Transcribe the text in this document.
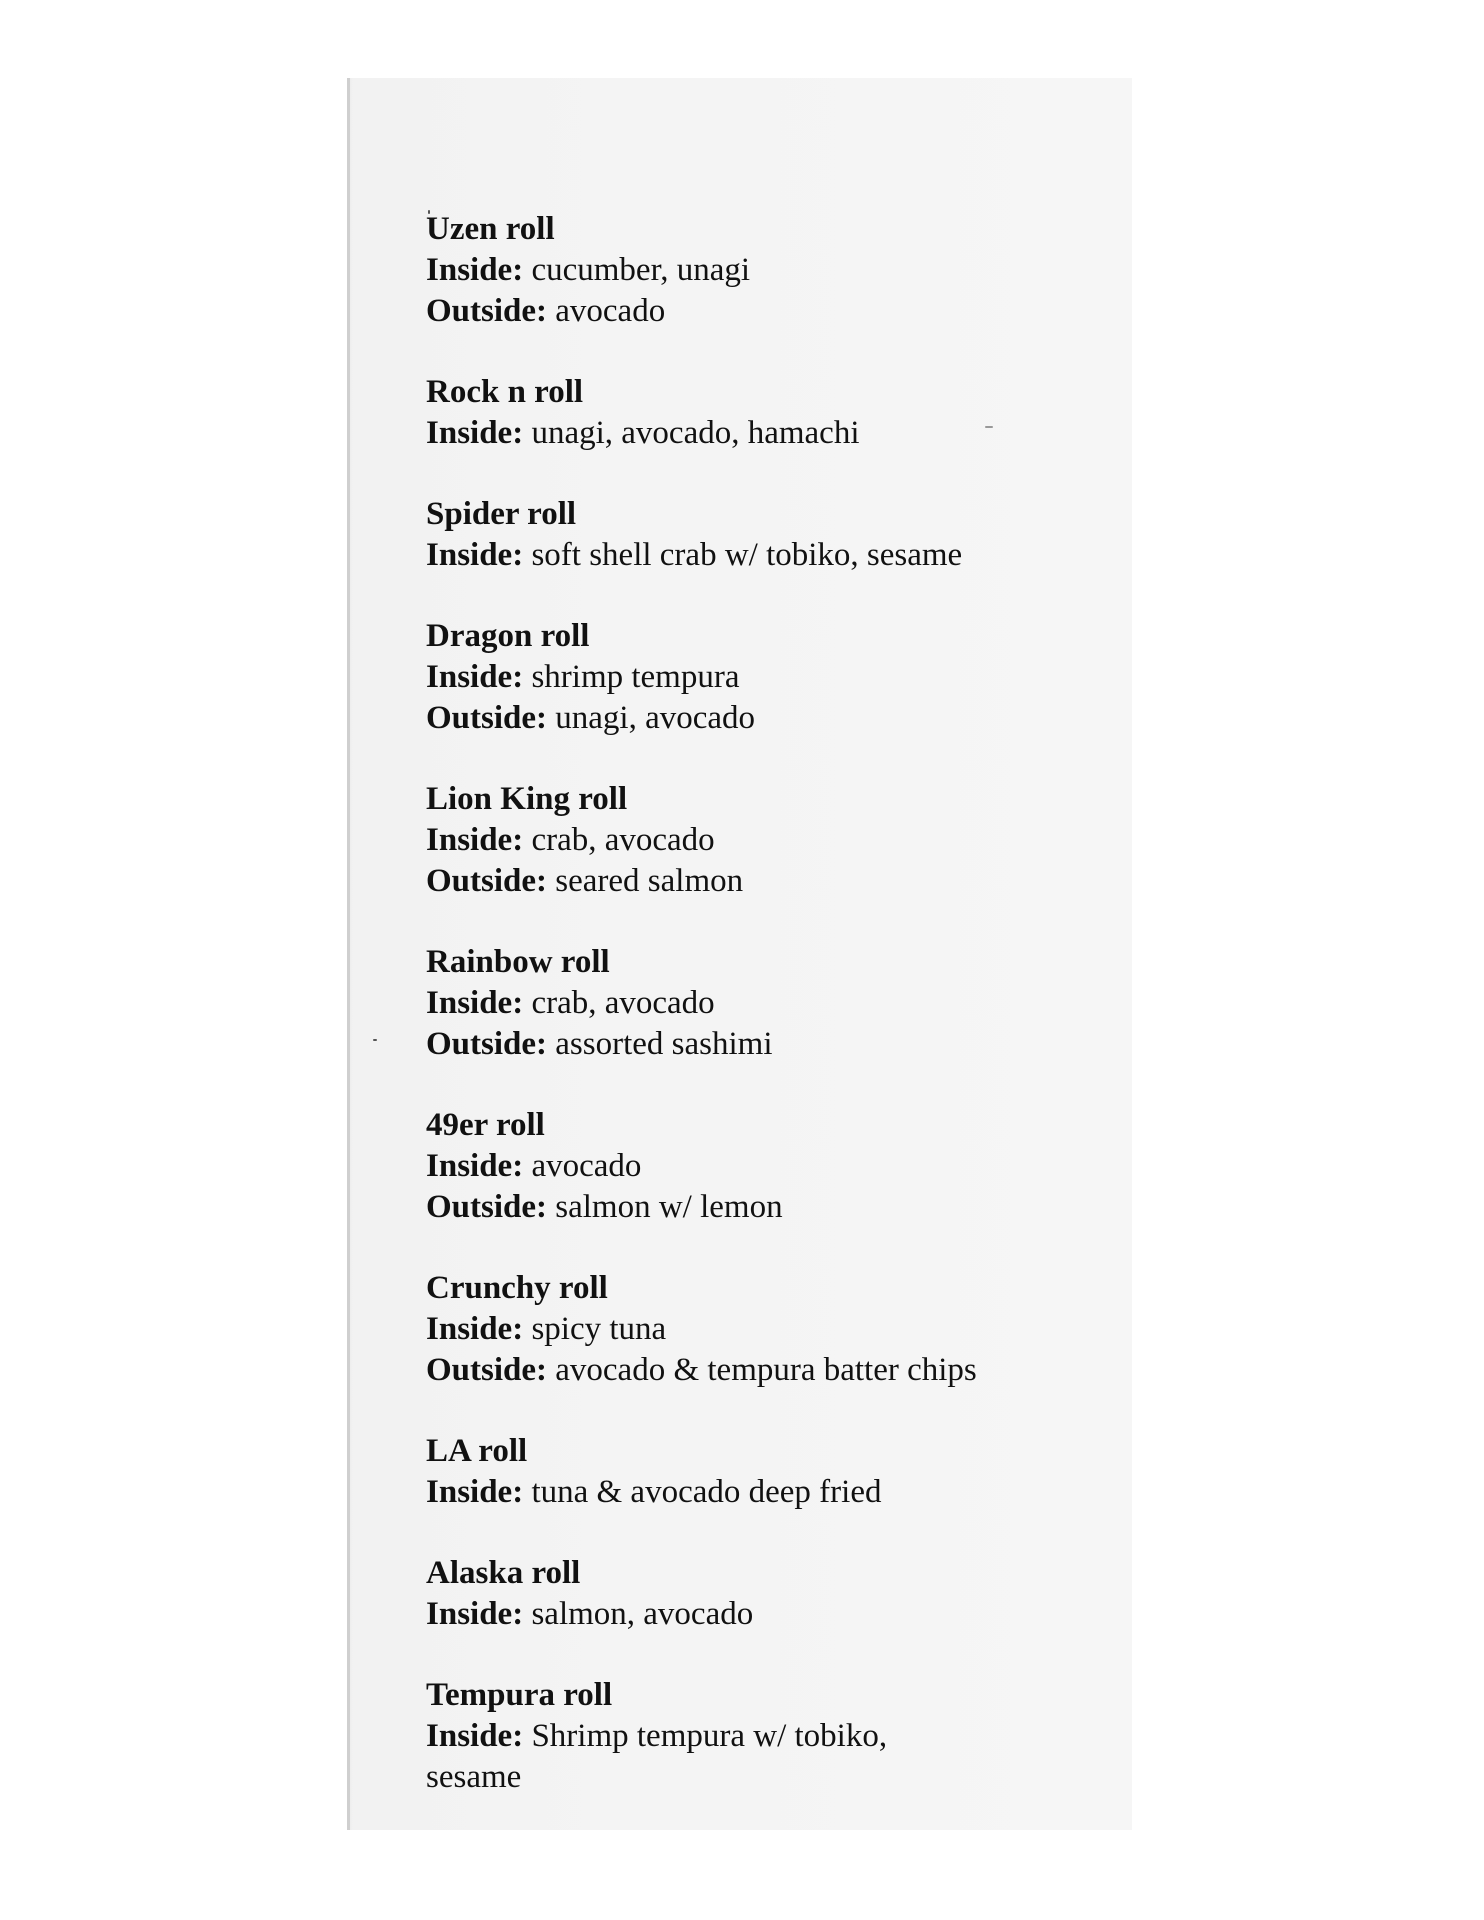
Uzen roll
Inside: cucumber, unagi
Outside: avocado
Rock n roll
Inside: unagi, avocado, hamachi
Spider roll
Inside: soft shell crab w/ tobiko, sesame
Dragon roll
Inside: shrimp tempura
Outside: unagi, avocado
Lion King roll
Inside: crab, avocado
Outside: seared salmon
Rainbow roll
Inside: crab, avocado
Outside: assorted sashimi
49er roll
Inside: avocado
Outside: salmon w/ lemon
Crunchy roll
Inside: spicy tuna
Outside: avocado & tempura batter chips
LA roll
Inside: tuna & avocado deep fried
Alaska roll
Inside: salmon, avocado
Tempura roll
Inside: Shrimp tempura w/ tobiko, sesame
